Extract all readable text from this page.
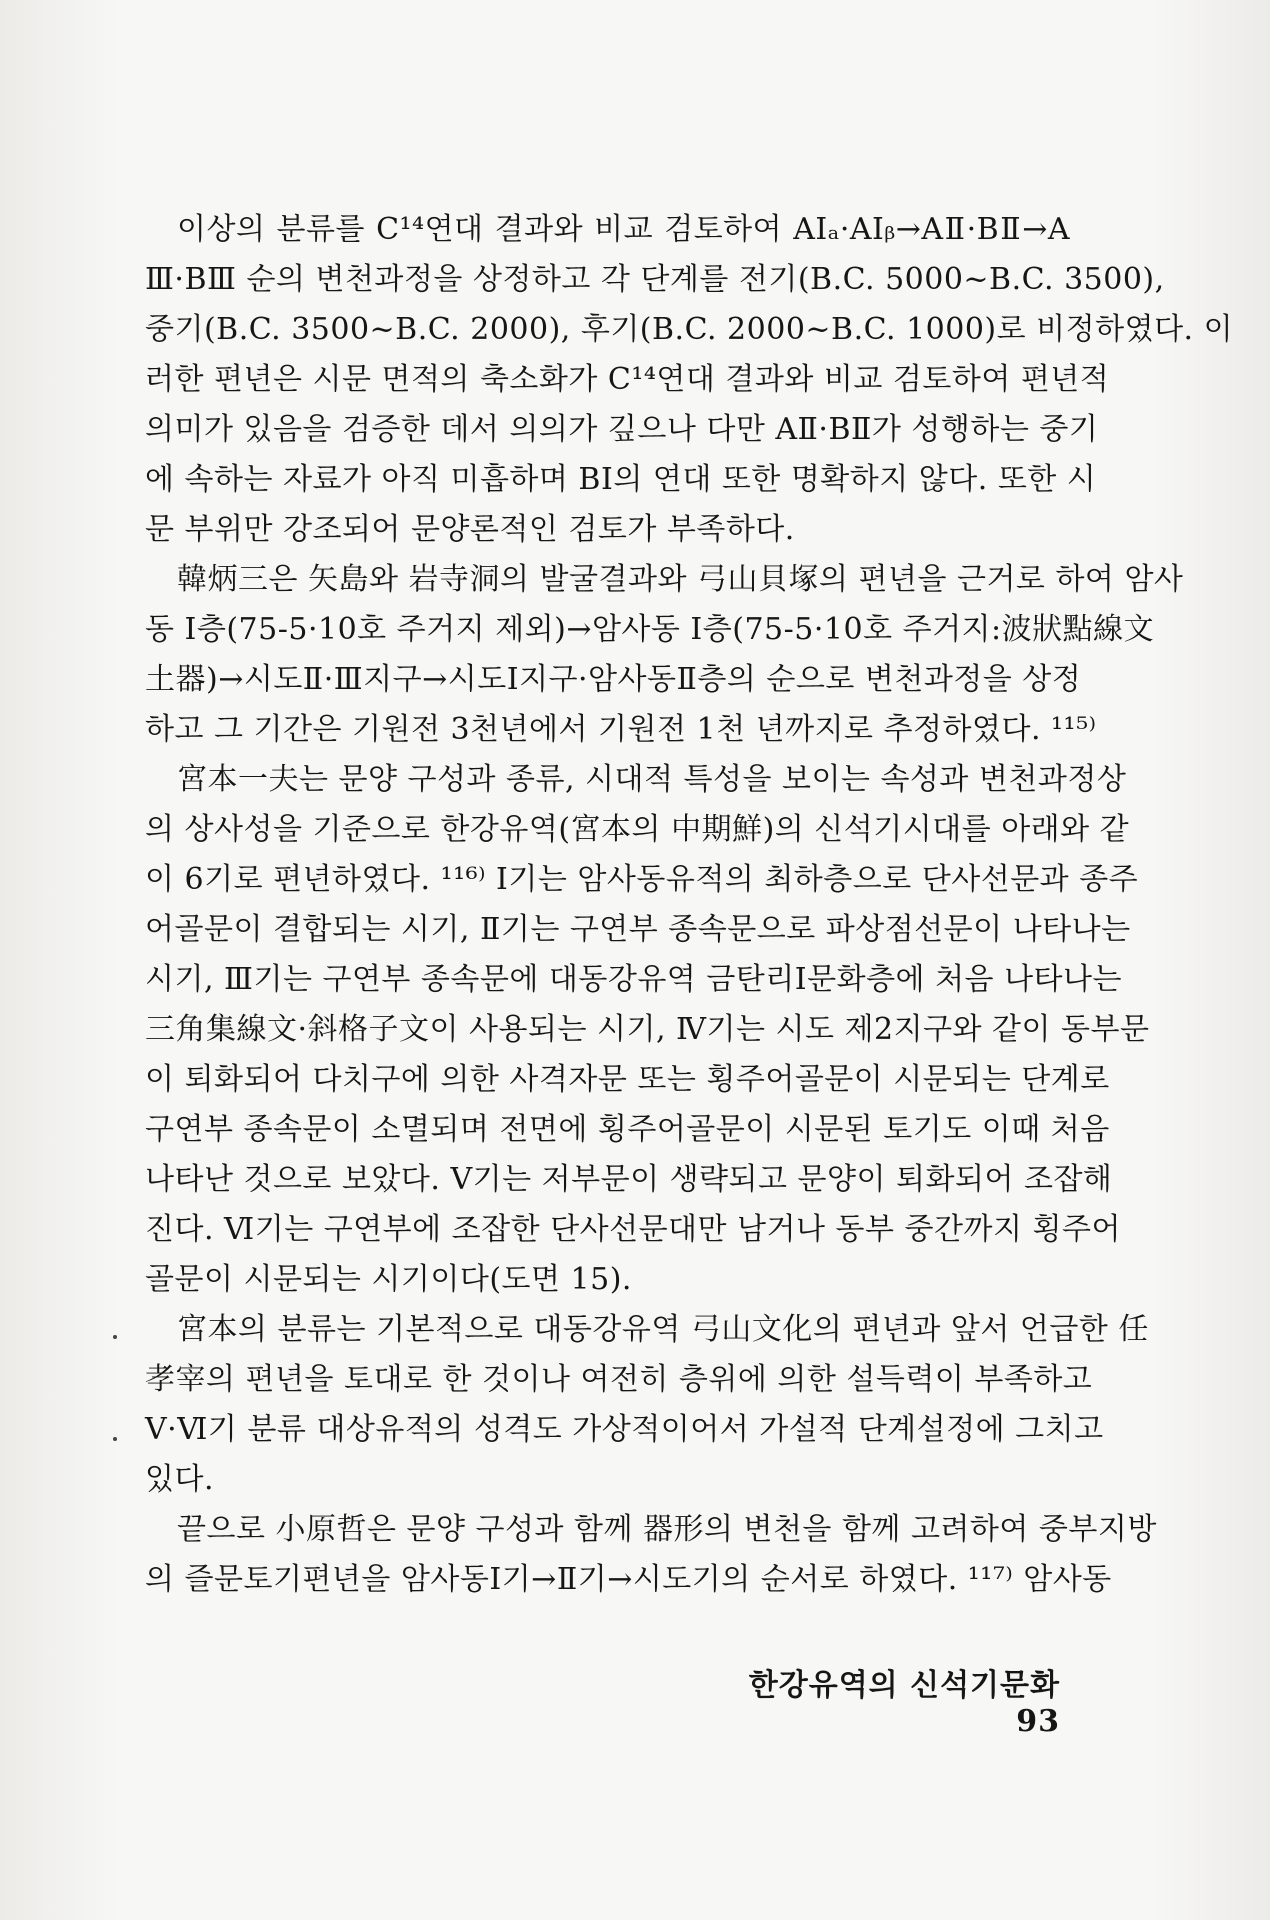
이상의 분류를 C¹⁴연대 결과와 비교 검토하여 AIₐ·AIᵦ→AⅡ·BⅡ→A
Ⅲ·BⅢ 순의 변천과정을 상정하고 각 단계를 전기(B.C. 5000~B.C. 3500),
중기(B.C. 3500~B.C. 2000), 후기(B.C. 2000~B.C. 1000)로 비정하였다. 이
러한 편년은 시문 면적의 축소화가 C¹⁴연대 결과와 비교 검토하여 편년적
의미가 있음을 검증한 데서 의의가 깊으나 다만 AⅡ·BⅡ가 성행하는 중기
에 속하는 자료가 아직 미흡하며 BⅠ의 연대 또한 명확하지 않다. 또한 시
문 부위만 강조되어 문양론적인 검토가 부족하다.
韓炳三은 矢島와 岩寺洞의 발굴결과와 弓山貝塚의 편년을 근거로 하여 암사
동 Ⅰ층(75-5·10호 주거지 제외)→암사동 Ⅰ층(75-5·10호 주거지:波狀點線文
土器)→시도Ⅱ·Ⅲ지구→시도Ⅰ지구·암사동Ⅱ층의 순으로 변천과정을 상정
하고 그 기간은 기원전 3천년에서 기원전 1천 년까지로 추정하였다. ¹¹⁵⁾
宮本一夫는 문양 구성과 종류, 시대적 특성을 보이는 속성과 변천과정상
의 상사성을 기준으로 한강유역(宮本의 中期鮮)의 신석기시대를 아래와 같
이 6기로 편년하였다. ¹¹⁶⁾ Ⅰ기는 암사동유적의 최하층으로 단사선문과 종주
어골문이 결합되는 시기, Ⅱ기는 구연부 종속문으로 파상점선문이 나타나는
시기, Ⅲ기는 구연부 종속문에 대동강유역 금탄리Ⅰ문화층에 처음 나타나는
三角集線文·斜格子文이 사용되는 시기, Ⅳ기는 시도 제2지구와 같이 동부문
이 퇴화되어 다치구에 의한 사격자문 또는 횡주어골문이 시문되는 단계로
구연부 종속문이 소멸되며 전면에 횡주어골문이 시문된 토기도 이때 처음
나타난 것으로 보았다. Ⅴ기는 저부문이 생략되고 문양이 퇴화되어 조잡해
진다. Ⅵ기는 구연부에 조잡한 단사선문대만 남거나 동부 중간까지 횡주어
골문이 시문되는 시기이다(도면 15).
宮本의 분류는 기본적으로 대동강유역 弓山文化의 편년과 앞서 언급한 任
孝宰의 편년을 토대로 한 것이나 여전히 층위에 의한 설득력이 부족하고
Ⅴ·Ⅵ기 분류 대상유적의 성격도 가상적이어서 가설적 단계설정에 그치고
있다.
끝으로 小原哲은 문양 구성과 함께 器形의 변천을 함께 고려하여 중부지방
의 즐문토기편년을 암사동Ⅰ기→Ⅱ기→시도기의 순서로 하였다. ¹¹⁷⁾ 암사동
한강유역의 신석기문화 93
